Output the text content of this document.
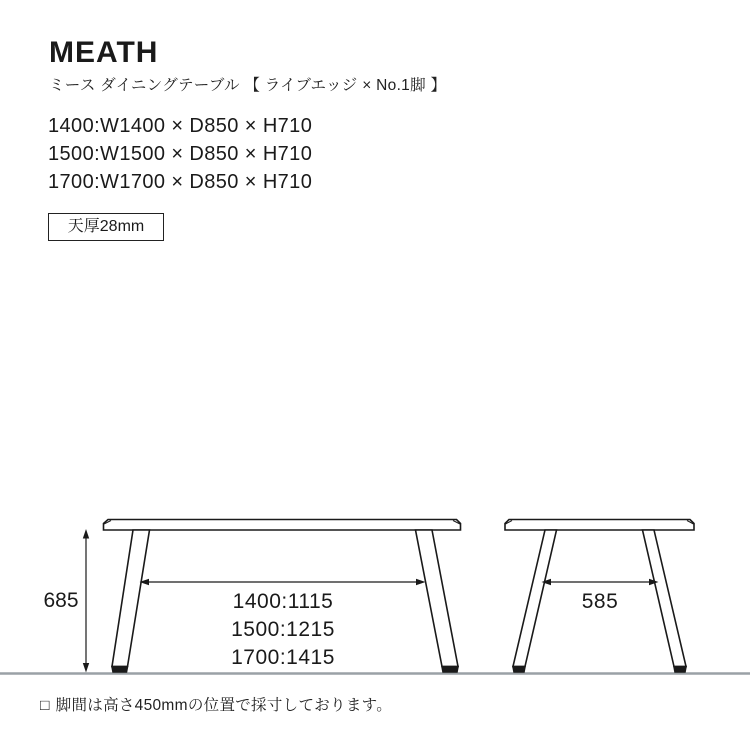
MEATH
ミース ダイニングテーブル 【 ライブエッジ × No.1脚 】
1400:W1400 × D850 × H710
1500:W1500 × D850 × H710
1700:W1700 × D850 × H710
天厚28mm
685	1400:1115
1500:1215
1700:1415
585
□ 脚間は高さ450mmの位置で採寸しております。
